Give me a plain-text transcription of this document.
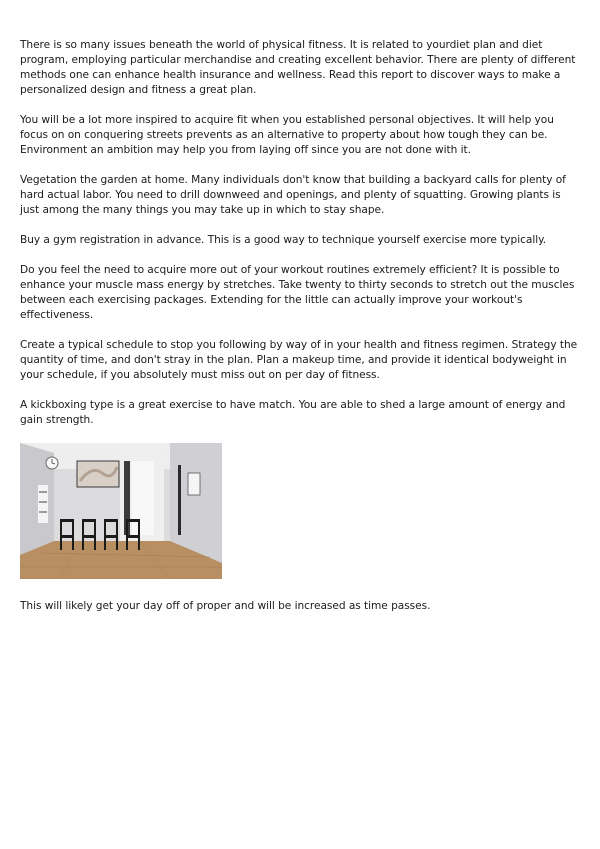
There is so many issues beneath the world of physical fitness. It is related to yourdiet plan and diet program, employing particular merchandise and creating excellent behavior. There are plenty of different methods one can enhance health insurance and wellness. Read this report to discover ways to make a personalized design and fitness a great plan.

You will be a lot more inspired to acquire fit when you established personal objectives. It will help you focus on on conquering streets prevents as an alternative to property about how tough they can be. Environment an ambition may help you from laying off since you are not done with it.

Vegetation the garden at home. Many individuals don't know that building a backyard calls for plenty of hard actual labor. You need to drill downweed and openings, and plenty of squatting. Growing plants is just among the many things you may take up in which to stay shape.

Buy a gym registration in advance. This is a good way to technique yourself exercise more typically.

Do you feel the need to acquire more out of your workout routines extremely efficient? It is possible to enhance your muscle mass energy by stretches. Take twenty to thirty seconds to stretch out the muscles between each exercising packages. Extending for the little can actually improve your workout's effectiveness.

Create a typical schedule to stop you following by way of in your health and fitness regimen. Strategy the quantity of time, and don't stray in the plan. Plan a makeup time, and provide it identical bodyweight in your schedule, if you absolutely must miss out on per day of fitness.

A kickboxing type is a great exercise to have match. You are able to shed a large amount of energy and gain strength.

This will likely get your day off of proper and will be increased as time passes.
